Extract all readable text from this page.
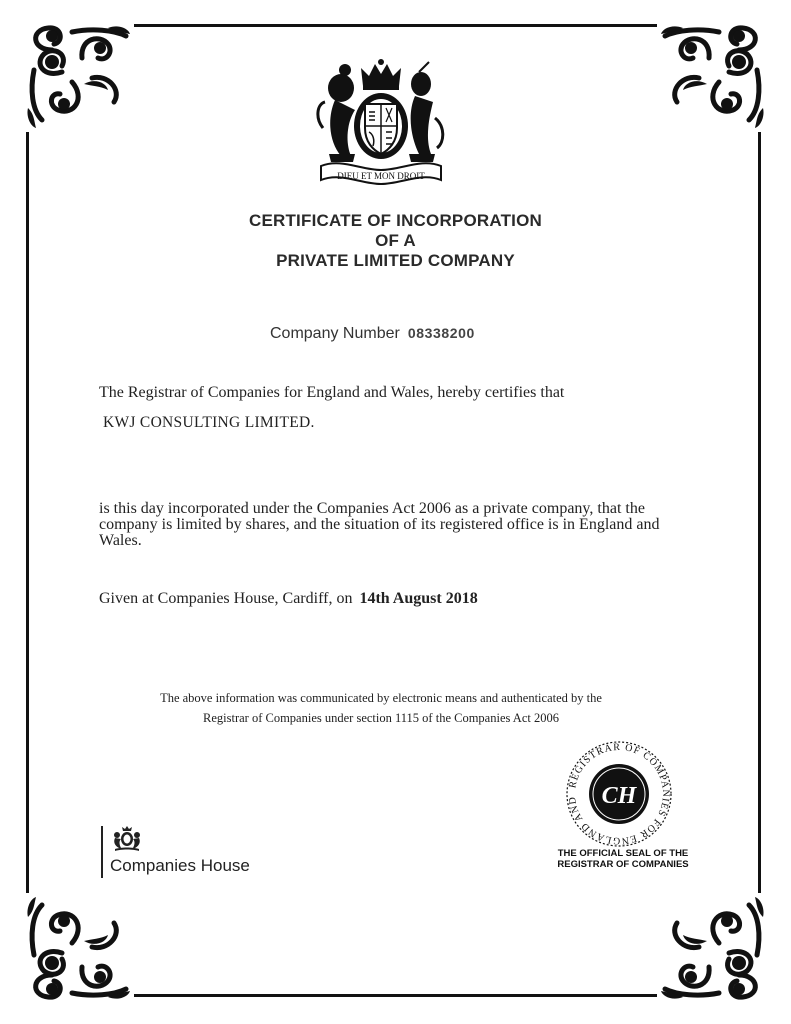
DIEU ET MON DROIT
CERTIFICATE OF INCORPORATION
OF A
PRIVATE LIMITED COMPANY
Company Number 08338200
The Registrar of Companies for England and Wales, hereby certifies that
KWJ CONSULTING LIMITED.
is this day incorporated under the Companies Act 2006 as a private company, that the company is limited by shares, and the situation of its registered office is in England and Wales.
Given at Companies House, Cardiff, on 14th August 2018
The above information was communicated by electronic means and authenticated by the
Registrar of Companies under section 1115 of the Companies Act 2006
Companies House
REGISTRAR OF COMPANIES FOR ENGLAND AND CH
THE OFFICIAL SEAL OF THE
REGISTRAR OF COMPANIES
